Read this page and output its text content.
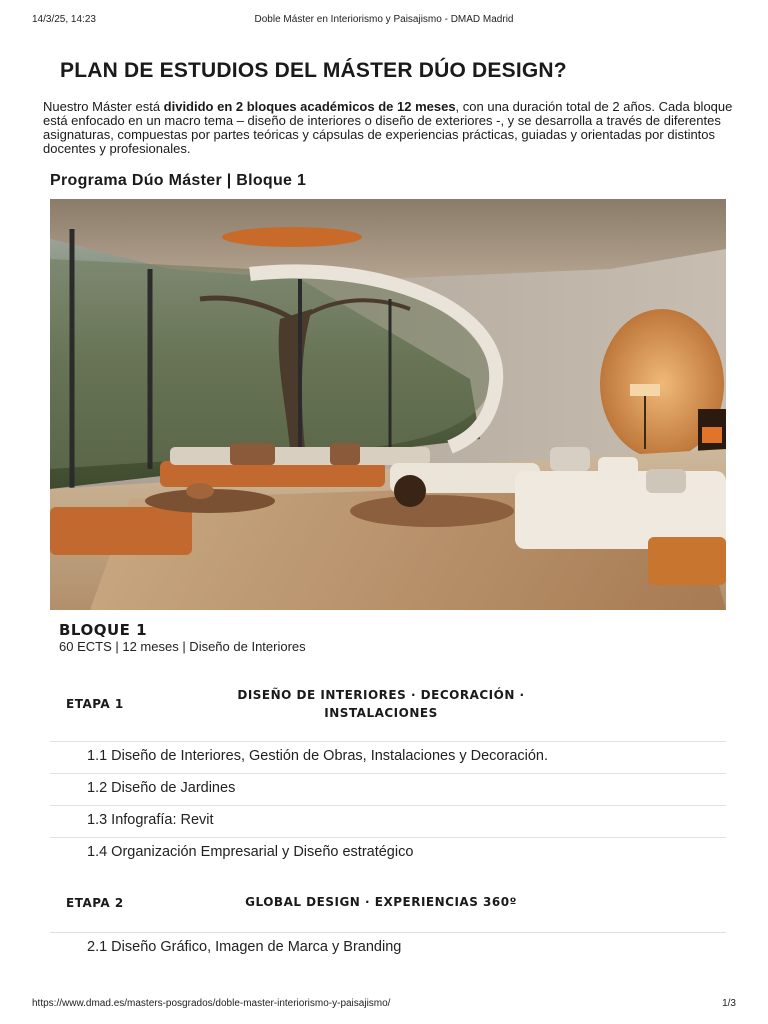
14/3/25, 14:23	Doble Máster en Interiorismo y Paisajismo - DMAD Madrid
PLAN DE ESTUDIOS DEL MÁSTER DÚO DESIGN?

Nuestro Máster está dividido en 2 bloques académicos de 12 meses, con una duración total de 2 años. Cada bloque está enfocado en un macro tema – diseño de interiores o diseño de exteriores -, y se desarrolla a través de diferentes asignaturas, compuestas por partes teóricas y cápsulas de experiencias prácticas, guiadas y orientadas por distintos docentes y profesionales.

Programa Dúo Máster | Bloque 1
BLOQUE 1
60 ECTS | 12 meses | Diseño de Interiores
ETAPA 1
DISEÑO DE INTERIORES · DECORACIÓN ·
INSTALACIONES
1.1 Diseño de Interiores, Gestión de Obras, Instalaciones y Decoración.
1.2 Diseño de Jardines
1.3 Infografía: Revit
1.4 Organización Empresarial y Diseño estratégico
ETAPA 2	GLOBAL DESIGN · EXPERIENCIAS 360º
2.1 Diseño Gráfico, Imagen de Marca y Branding
https://www.dmad.es/masters-posgrados/doble-master-interiorismo-y-paisajismo/	1/3
